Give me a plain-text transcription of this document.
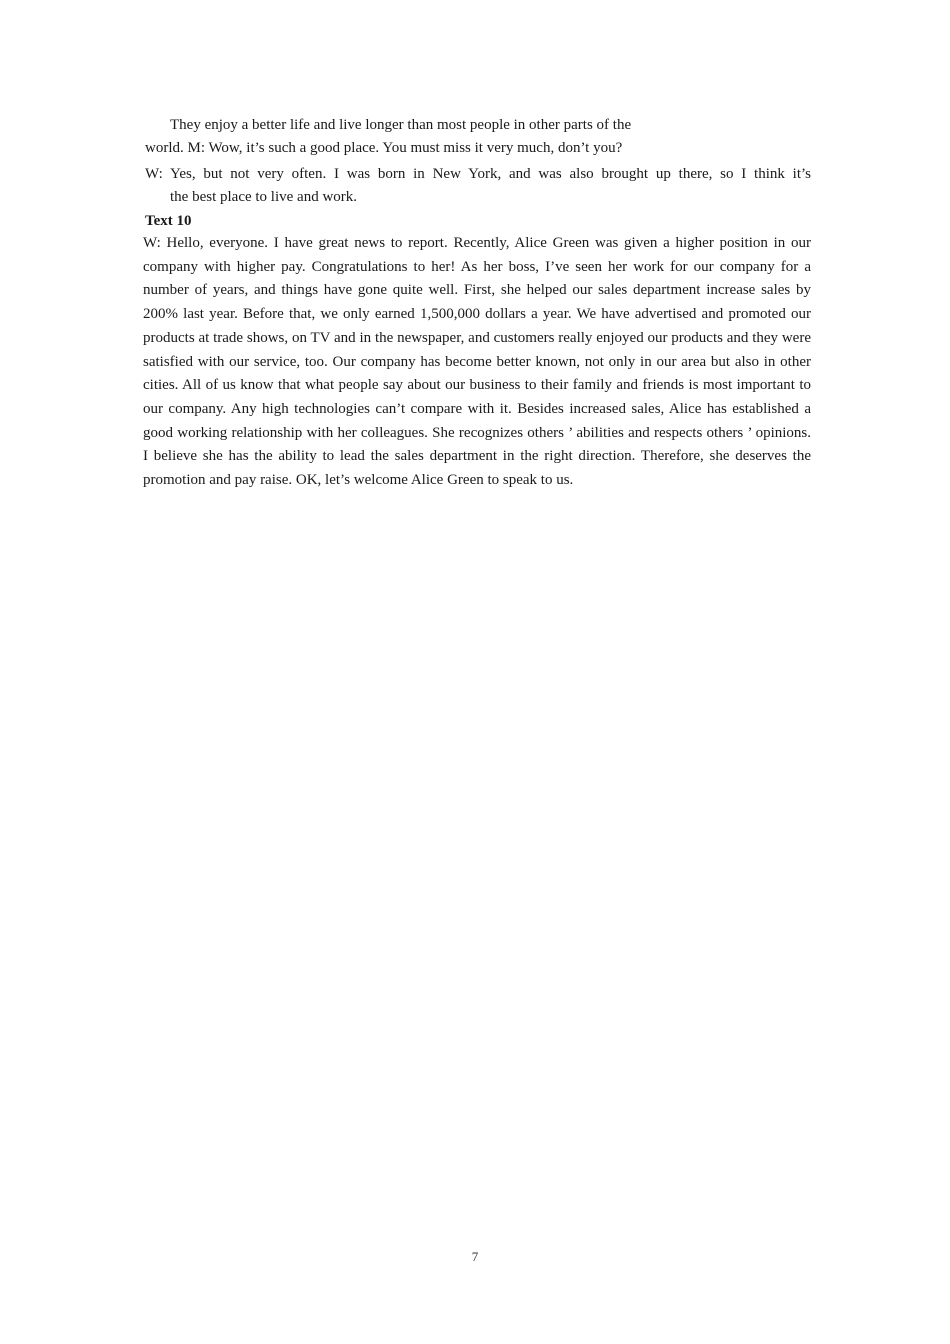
They enjoy a better life and live longer than most people in other parts of the
world. M: Wow, it’s such a good place. You must miss it very much, don’t you?
W: Yes, but not very often. I was born in New York, and was also brought up there, so I think it’s
the best place to live and work.
Text 10

W: Hello, everyone. I have great news to report. Recently, Alice Green was given a higher position in our company with higher pay. Congratulations to her! As her boss, I’ve seen her work for our company for a number of years, and things have gone quite well. First, she helped our sales department increase sales by 200% last year. Before that, we only earned 1,500,000 dollars a year. We have advertised and promoted our products at trade shows, on TV and in the newspaper, and customers really enjoyed our products and they were satisfied with our service, too. Our company has become better known, not only in our area but also in other cities. All of us know that what people say about our business to their family and friends is most important to our company. Any high technologies can’t compare with it. Besides increased sales, Alice has established a good working relationship with her colleagues. She recognizes others ’ abilities and respects others ’ opinions. I believe she has the ability to lead the sales department in the right direction. Therefore, she deserves the promotion and pay raise. OK, let’s welcome Alice Green to speak to us.

7
